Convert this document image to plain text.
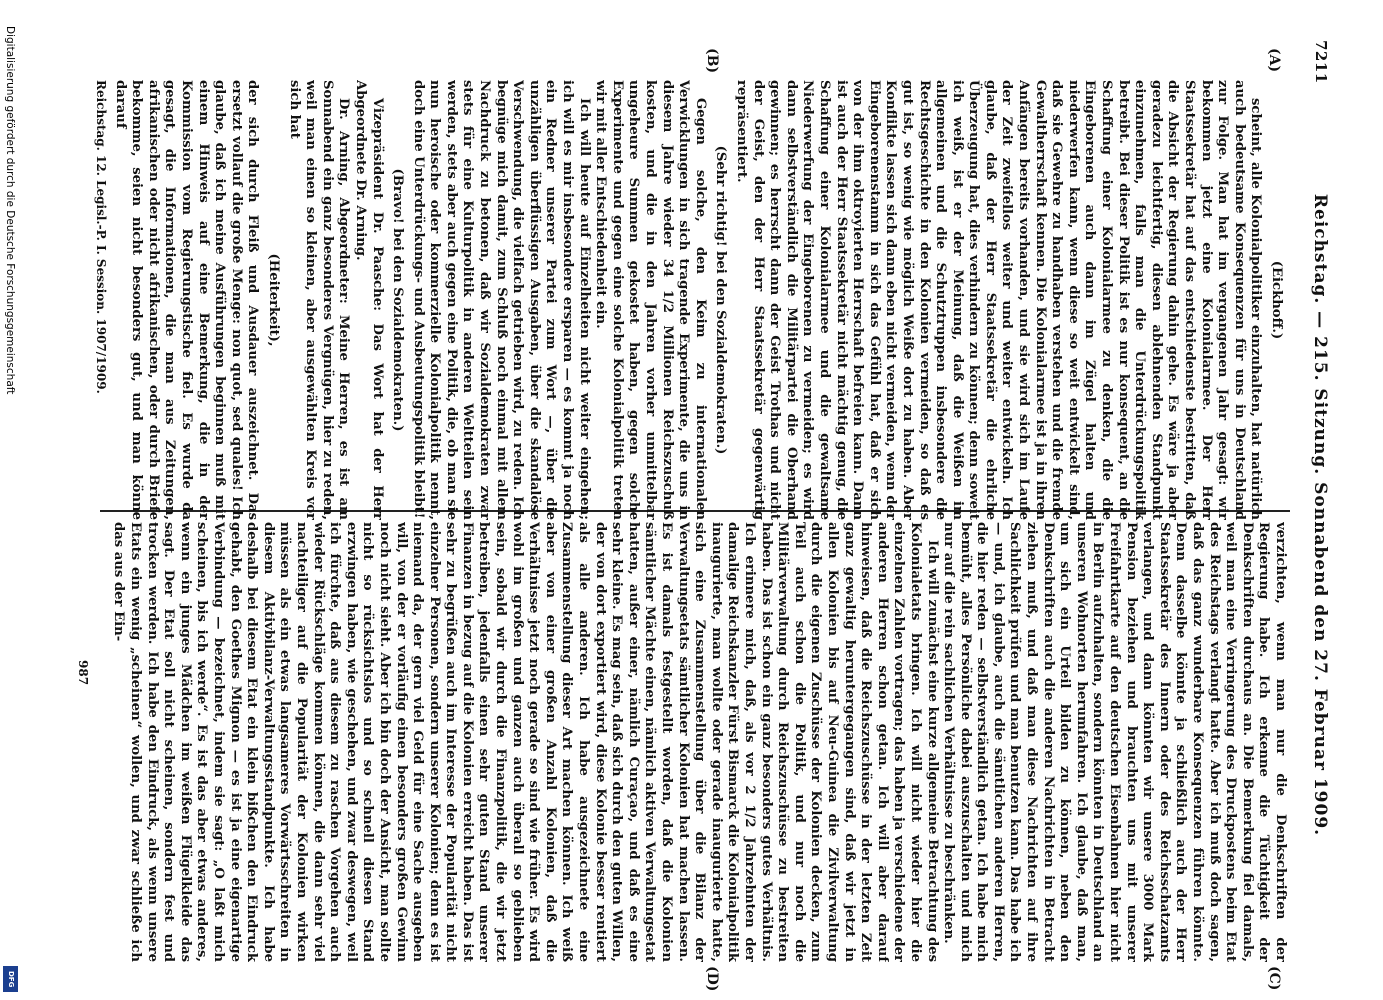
7211
Reichstag. — 215. Sitzung. Sonnabend den 27. Februar 1909.
(A)
(B)
(C)
(D)

(Eickhoff.)

scheint, alle Kolonialpolitiker einzuhalten, hat natürlich auch bedeutsame Konsequenzen für uns in Deutschland zur Folge. Man hat im vergangenen Jahr gesagt: wir bekommen jetzt eine Kolonialarmee. Der Herr Staatssekretär hat auf das entschiedenste bestritten, daß die Absicht der Regierung dahin gehe. Es wäre ja aber geradezu leichtfertig, diesen ablehnenden Standpunkt einzunehmen, falls man die Unterdrückungspolitik betreibt. Bei dieser Politik ist es nur konsequent, an die Schaffung einer Kolonialarmee zu denken, die die Eingeborenen auch dann im Zügel halten und niederwerfen kann, wenn diese so weit entwickelt sind, daß sie Gewehre zu handhaben verstehen und die fremde Gewaltherrschaft kennen. Die Kolonialarmee ist ja in ihren Anfängen bereits vorhanden, und sie wird sich im Laufe der Zeit zweifellos weiter und weiter entwickeln. Ich glaube, daß der Herr Staatssekretär die ehrliche Überzeugung hat, dies verhindern zu können; denn soweit ich weiß, ist er der Meinung, daß die Weißen im allgemeinen und die Schutztruppen insbesondere die Rechtsgeschichte in den Kolonien vermeiden, so daß es gut ist, so wenig wie möglich Weiße dort zu haben. Aber Konflikte lassen sich dann eben nicht vermeiden, wenn der Eingeborenenstamm in sich das Gefühl hat, daß er sich von der ihm oktroyierten Herrschaft befreien kann. Dann ist auch der Herr Staatssekretär nicht mächtig genug, die Schaffung einer Kolonialarmee und die gewaltsame Niederwerfung der Eingeborenen zu vermeiden; es wird dann selbstverständlich die Militärpartei die Oberhand gewinnen; es herrscht dann der Geist Trothas und nicht der Geist, den der Herr Staatssekretär gegenwärtig repräsentiert.

(Sehr richtig! bei den Sozialdemokraten.)

Gegen solche, den Keim zu internationalen Verwicklungen in sich tragende Experimente, die uns in diesem Jahre wieder 34 1/2 Millionen Reichszuschuß kosten, und die in den Jahren vorher unmittelbar ungeheure Summen gekostet haben, gegen solche Experimente und gegen eine solche Kolonialpolitik treten wir mit aller Entschiedenheit ein.

Ich will heute auf Einzelheiten nicht weiter eingehen; ich will es mir insbesondere ersparen — es kommt ja noch ein Redner unserer Partei zum Wort —, über die unzähligen überflüssigen Ausgaben, über die skandalöse Verschwendung, die vielfach getrieben wird, zu reden. Ich begnüge mich damit, zum Schluß noch einmal mit allem Nachdruck zu betonen, daß wir Sozialdemokraten zwar stets für eine Kulturpolitik in anderen Weltteilen sein werden, stets aber auch gegen eine Politik, die, ob man sie nun heroische oder kommerzielle Kolonialpolitik nennt, doch eine Unterdrückungs- und Ausbeutungspolitik bleibt!

(Bravo! bei den Sozialdemokraten.)

Vizepräsident Dr. Paasche: Das Wort hat der Herr Abgeordnete Dr. Arning.

Dr. Arning, Abgeordneter: Meine Herren, es ist am Sonnabend ein ganz besonderes Vergnügen, hier zu reden, weil man einen so kleinen, aber ausgewählten Kreis vor sich hat

(Heiterkeit),

der sich durch Fleiß und Ausdauer auszeichnet. Das ersetzt vollauf die große Menge: non quot, sed quales! Ich glaube, daß ich meine Ausführungen beginnen muß mit einem Hinweis auf eine Bemerkung, die in der Kommission vom Regierungstische fiel. Es wurde da gesagt, die Informationen, die man aus Zeitungen, afrikanischen oder nicht afrikanischen, oder durch Briefe bekomme, seien nicht besonders gut, und man könne darauf

verzichten, wenn man nur die Denkschriften der Regierung habe. Ich erkenne die Tüchtigkeit der Denkschriften durchaus an. Die Bemerkung fiel damals, weil man eine Verringerung des Druckpostens beim Etat des Reichstags verlangt hatte. Aber ich muß doch sagen, daß das ganz wunderbare Konsequenzen führen könnte. Denn dasselbe könnte ja schließlich auch der Herr Staatssekretär des Innern oder des Reichsschatzamts verlangen, und dann könnten wir unsere 3000 Mark Pension beziehen und brauchten uns mit unserer Freifahrtkarte auf den deutschen Eisenbahnen hier nicht in Berlin aufzuhalten, sondern könnten in Deutschland an unseren Wohnorten herumfahren. Ich glaube, daß man, um sich ein Urteil bilden zu können, neben den Denkschriften auch die anderen Nachrichten in Betracht ziehen muß, und daß man diese Nachrichten auf ihre Sachlichkeit prüfen und man benutzen kann. Das habe ich — und, ich glaube, auch die sämtlichen anderen Herren, die hier reden — selbstverständlich getan. Ich habe mich bemüht, alles Persönliche dabei auszuschalten und mich nur auf die rein sachlichen Verhältnisse zu beschränken.

Ich will zunächst eine kurze allgemeine Betrachtung des Kolonialetats bringen. Ich will nicht wieder hier die einzelnen Zahlen vortragen; das haben ja verschiedene der anderen Herren schon getan. Ich will aber darauf hinweisen, daß die Reichszuschüsse in der letzten Zeit ganz gewaltig heruntergegangen sind, daß wir jetzt in allen Kolonien bis auf Neu-Guinea die Zivilverwaltung durch die eigenen Zuschüsse der Kolonien decken, zum Teil auch schon die Politik, und nur noch die Militärverwaltung durch Reichszuschüsse zu bestreiten haben. Das ist schon ein ganz besonders gutes Verhältnis. Ich erinnere mich, daß, als vor 2 1/2 Jahrzehnten der damalige Reichskanzler Fürst Bismarck die Kolonialpolitik inaugurierte, man wollte oder gerade inaugurierte hatte, sich eine Zusammenstellung über die Bilanz der Verwaltungsetats sämtlicher Kolonien hat machen lassen. Es ist damals festgestellt worden, daß die Kolonien sämtlicher Mächte einen, nämlich aktiven Verwaltungsetat hatten, außer einer, nämlich Curaçao, und daß es eine sehr kleine. Es mag sein, daß sich durch den guten Willen, der von dort exportiert wird, diese Kolonie besser rentiert als alle anderen. Ich habe ausgezeichnete eine Zusammenstellung dieser Art machen können. Ich weiß aber von einer großen Anzahl Kolonien, daß die Verhältnisse jetzt noch gerade so sind wie früher. Es wird wohl im großen und ganzen auch überall so geblieben sein, sobald wir durch die Finanzpolitik, die wir jetzt betreiben, jedenfalls einen sehr guten Stand unserer Finanzen in bezug auf die Kolonien erreicht haben. Das ist sehr zu begrüßen auch im Interesse der Popularität nicht einzelner Personen, sondern unserer Kolonien; denn es ist niemand da, der gern viel Geld für eine Sache ausgeben will, von der er vorläufig einen besonders großen Gewinn noch nicht sieht. Aber ich bin doch der Ansicht, man sollte nicht so rücksichtslos und so schnell diesen Stand erzwingen haben, wie geschehen, und zwar deswegen, weil ich fürchte, daß aus diesem zu raschen Vorgehen auch wieder Rückschläge kommen können, die dann sehr viel nachteiliger auf die Popularität der Kolonien wirken müssen als ein etwas langsameres Vorwärtsschreiten in diesem Aktivbilanz-Verwaltungsstandpunkte. Ich habe deshalb bei diesem Etat ein klein bißchen den Eindruck gehabt, den Goethes Mignon — es ist ja eine eigenartige Verbindung — bezeichnet, indem sie sagt: „O laßt mich scheinen, bis ich werde“. Es ist das aber etwas anderes, wenn ein junges Mädchen im weißen Flügelkleide das sagt. Der Etat soll nicht scheinen, sondern fest und trocken werden. Ich habe den Eindruck, als wenn unsere Etats ein wenig „scheinen“ wollen, und zwar schließe ich das aus der Ein-

Reichstag. 12. Legisl.-P. I. Session. 1907/1909.
987
Digitalisierung gefördert durch die Deutsche Forschungsgemeinschaft
DFG
